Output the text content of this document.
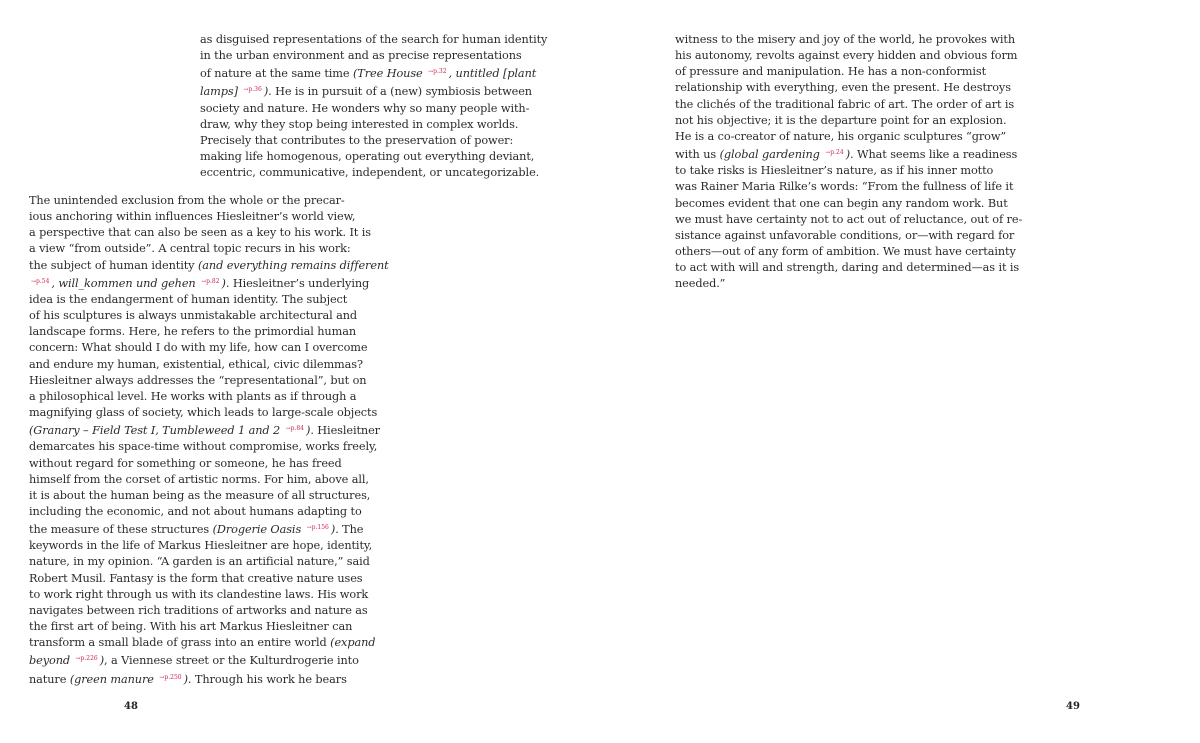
as disguised representations of the search for human identity
in the urban environment and as precise representations
of nature at the same time (Tree House $^{\to p.32}$ , untitled [plant
lamps] $^{\to p.36}$ ). He is in pursuit of a (new) symbiosis between
society and nature. He wonders why so many people with-
draw, why they stop being interested in complex worlds.
Precisely that contributes to the preservation of power:
making life homogenous, operating out everything deviant,
eccentric, communicative, independent, or uncategorizable.
The unintended exclusion from the whole or the precar-
ious anchoring within influences Hiesleitner’s world view,
a perspective that can also be seen as a key to his work. It is
a view “from outside”. A central topic recurs in his work:
the subject of human identity (and everything remains different
$^{\to p.54}$ , will_kommen und gehen $^{\to p.82}$ ). Hiesleitner’s underlying
idea is the endangerment of human identity. The subject
of his sculptures is always unmistakable architectural and
landscape forms. Here, he refers to the primordial human
concern: What should I do with my life, how can I overcome
and endure my human, existential, ethical, civic dilemmas?
Hiesleitner always addresses the “representational”, but on
a philosophical level. He works with plants as if through a
magnifying glass of society, which leads to large-scale objects
(Granary – Field Test I, Tumbleweed 1 and 2 $^{\to p.84}$ ). Hiesleitner
demarcates his space-time without compromise, works freely,
without regard for something or someone, he has freed
himself from the corset of artistic norms. For him, above all,
it is about the human being as the measure of all structures,
including the economic, and not about humans adapting to
the measure of these structures (Drogerie Oasis $^{\to p.156}$ ). The
keywords in the life of Markus Hiesleitner are hope, identity,
nature, in my opinion. “A garden is an artificial nature,” said
Robert Musil. Fantasy is the form that creative nature uses
to work right through us with its clandestine laws. His work
navigates between rich traditions of artworks and nature as
the first art of being. With his art Markus Hiesleitner can
transform a small blade of grass into an entire world (expand
beyond $^{\to p.226}$ ), a Viennese street or the Kulturdrogerie into
nature (green manure $^{\to p.250}$ ). Through his work he bears
witness to the misery and joy of the world, he provokes with
his autonomy, revolts against every hidden and obvious form
of pressure and manipulation. He has a non-conformist
relationship with everything, even the present. He destroys
the clichés of the traditional fabric of art. The order of art is
not his objective; it is the departure point for an explosion.
He is a co-creator of nature, his organic sculptures “grow”
with us (global gardening $^{\to p.24}$ ). What seems like a readiness
to take risks is Hiesleitner’s nature, as if his inner motto
was Rainer Maria Rilke’s words: “From the fullness of life it
becomes evident that one can begin any random work. But
we must have certainty not to act out of reluctance, out of re-
sistance against unfavorable conditions, or—with regard for
others—out of any form of ambition. We must have certainty
to act with will and strength, daring and determined—as it is
needed.”
48	49
